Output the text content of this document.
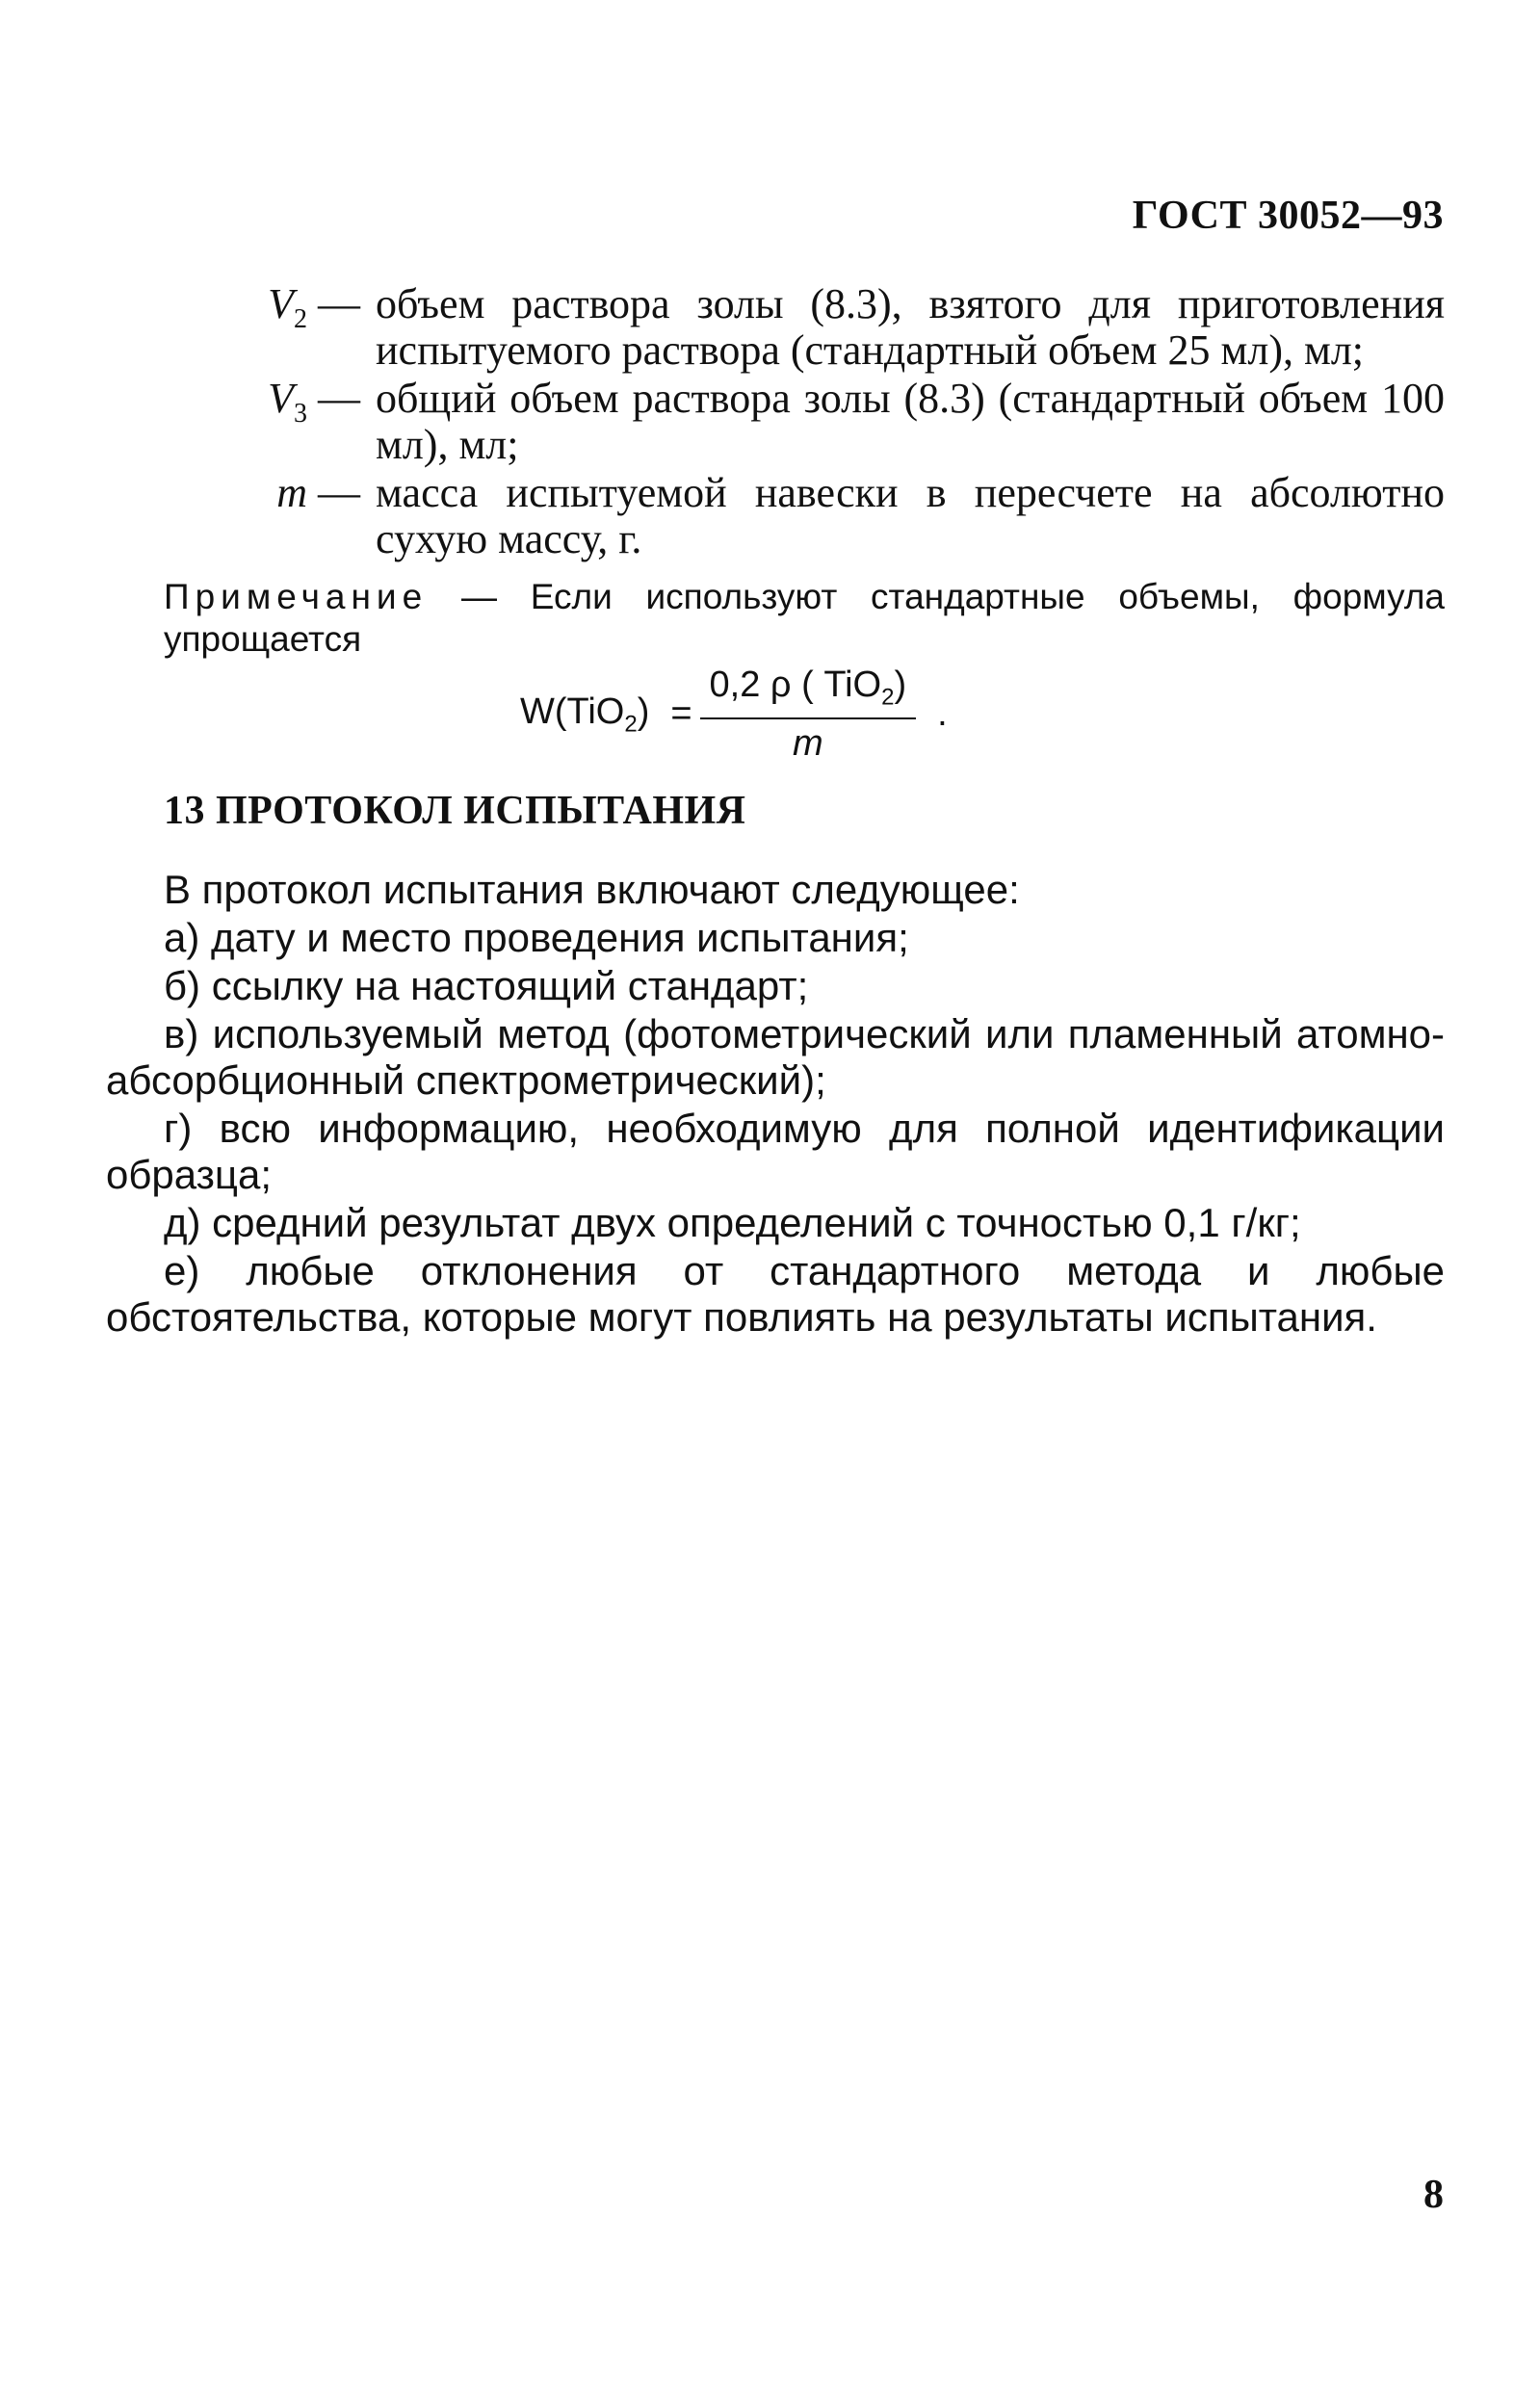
ГОСТ 30052—93
$V_2$ — объем раствора золы (8.3), взятого для приготовления испытуемого раствора (стандартный объем 25 мл), мл;
$V_3$ — общий объем раствора золы (8.3) (стандартный объем 100 мл), мл;
m — масса испытуемой навески в пересчете на абсолютно сухую массу, г.
Примечание — Если используют стандартные объемы, формула упрощается
$W(TiO_2) = \frac{0,2 \rho ( TiO_2)}{m}$ .
13 ПРОТОКОЛ ИСПЫТАНИЯ

В протокол испытания включают следующее:

а) дату и место проведения испытания;

б) ссылку на настоящий стандарт;

в) используемый метод (фотометрический или пламенный атомно-абсорбционный спектрометрический);

г) всю информацию, необходимую для полной идентификации образца;

д) средний результат двух определений с точностью 0,1 г/кг;

е) любые отклонения от стандартного метода и любые обстоятельства, которые могут повлиять на результаты испытания.

8
